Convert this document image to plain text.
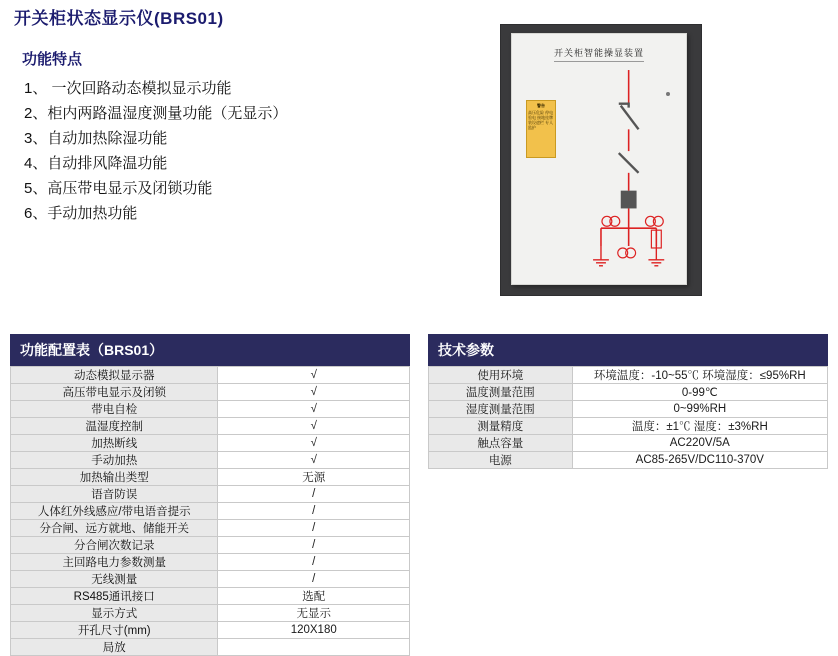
开关柜状态显示仪(BRS01)
功能特点
1、 一次回路动态模拟显示功能
2、柜内两路温湿度测量功能（无显示）
3、自动加热除湿功能
4、自动排风降温功能
5、高压带电显示及闭锁功能
6、手动加热功能
开关柜智能操显装置
警告
高压危险 停电验电 接地挂牌 装设遮栏 专人监护
功能配置表（BRS01）
动态模拟显示器	√
高压带电显示及闭锁	√
带电自检	√
温湿度控制	√
加热断线	√
手动加热	√
加热输出类型	无源
语音防误	/
人体红外线感应/带电语音提示	/
分合闸、远方就地、储能开关	/
分合闸次数记录	/
主回路电力参数测量	/
无线测量	/
RS485通讯接口	选配
显示方式	无显示
开孔尺寸(mm)	120X180
局放	
技术参数
使用环境	环境温度：-10~55℃ 环境湿度：≤95%RH
温度测量范围	0-99℃
湿度测量范围	0~99%RH
测量精度	温度：±1℃ 湿度：±3%RH
触点容量	AC220V/5A
电源	AC85-265V/DC110-370V
